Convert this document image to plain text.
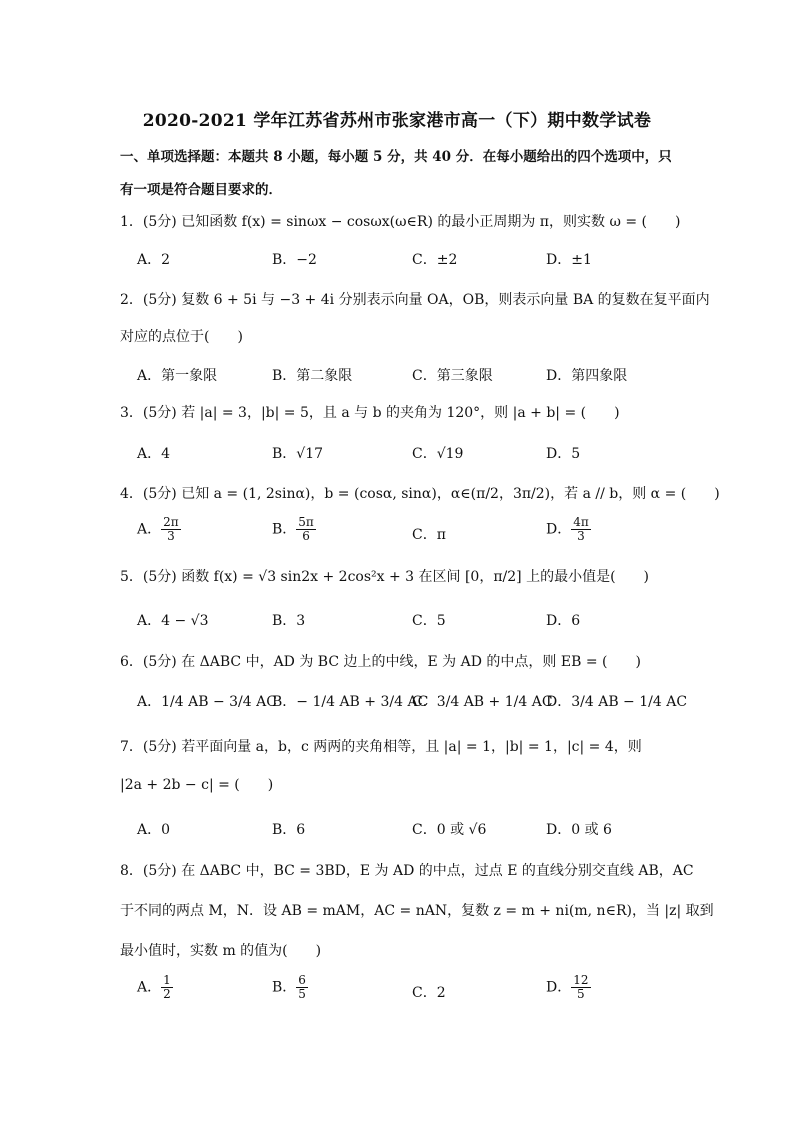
2020-2021 学年江苏省苏州市张家港市高一（下）期中数学试卷
一、单项选择题：本题共 8 小题，每小题 5 分，共 40 分．在每小题给出的四个选项中，只
有一项是符合题目要求的．
1．(5分) 已知函数 f(x) = sinωx − cosωx(ω∈R) 的最小正周期为 π，则实数 ω = (　　)
A．2	B．−2	C．±2	D．±1
2．(5分) 复数 6 + 5i 与 −3 + 4i 分别表示向量 OA，OB，则表示向量 BA 的复数在复平面内
对应的点位于(　　)
A．第一象限	B．第二象限	C．第三象限	D．第四象限
3．(5分) 若 |a| = 3，|b| = 5，且 a 与 b 的夹角为 120°，则 |a + b| = (　　)
A．4	B．√17	C．√19	D．5
4．(5分) 已知 a = (1, 2sinα)，b = (cosα, sinα)，α∈(π/2，3π/2)，若 a // b，则 α = (　　)
A． $\frac{2\pi}{3}$	B． $\frac{5\pi}{6}$	C．π	D． $\frac{4\pi}{3}$
5．(5分) 函数 f(x) = √3 sin2x + 2cos²x + 3 在区间 [0，π/2] 上的最小值是(　　)
A．4 − √3	B．3	C．5	D．6
6．(5分) 在 ΔABC 中，AD 为 BC 边上的中线，E 为 AD 的中点，则 EB = (　　)
A．1/4 AB − 3/4 AC
B．− 1/4 AB + 3/4 AC
C．3/4 AB + 1/4 AC
D．3/4 AB − 1/4 AC
7．(5分) 若平面向量 a，b，c 两两的夹角相等，且 |a| = 1，|b| = 1，|c| = 4，则
|2a + 2b − c| = (　　)
A．0	B．6	C．0 或 √6	D．0 或 6
8．(5分) 在 ΔABC 中，BC = 3BD，E 为 AD 的中点，过点 E 的直线分别交直线 AB，AC
于不同的两点 M，N．设 AB = mAM，AC = nAN，复数 z = m + ni(m, n∈R)，当 |z| 取到
最小值时，实数 m 的值为(　　)
A． $\frac{1}{2}$	B． $\frac{6}{5}$	C．2	D． $\frac{12}{5}$
